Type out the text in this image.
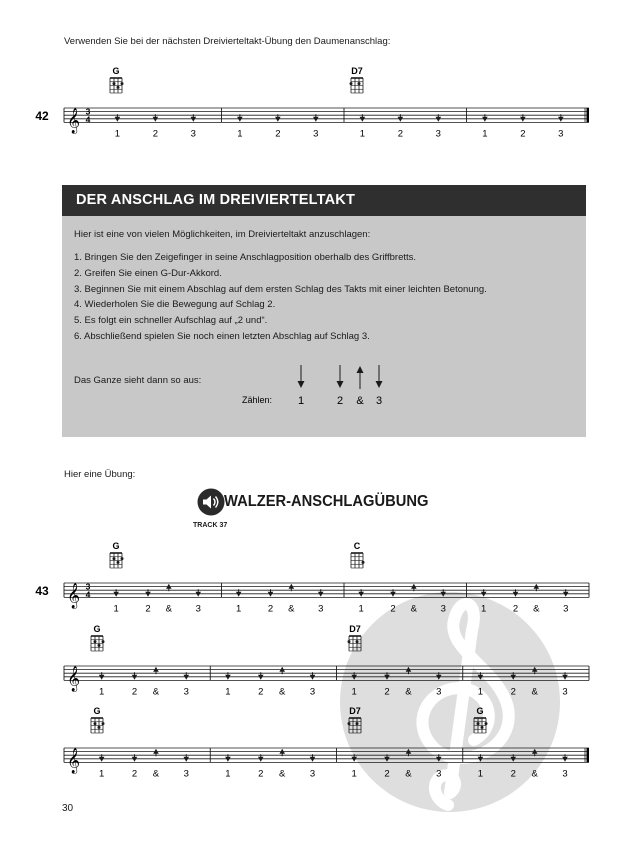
Verwenden Sie bei der nächsten Dreivierteltakt-Übung den Daumenanschlag:
𝄞
42	3
4
1	2	3	1	2	3	1	2	3	1	2	3
G	D7
DER ANSCHLAG IM DREIVIERTELTAKT
Hier ist eine von vielen Möglichkeiten, im Dreivierteltakt anzuschlagen:
1. Bringen Sie den Zeigefinger in seine Anschlagposition oberhalb des Griffbretts.
2. Greifen Sie einen G-Dur-Akkord.
3. Beginnen Sie mit einem Abschlag auf dem ersten Schlag des Takts mit einer leichten Betonung.
4. Wiederholen Sie die Bewegung auf Schlag 2.
5. Es folgt ein schneller Aufschlag auf „2 und“.
6. Abschließend spielen Sie noch einen letzten Abschlag auf Schlag 3.
Das Ganze sieht dann so aus:
Zählen: 1	2 & 3
Hier eine Übung:
TRACK 37
WALZER-ANSCHLAGÜBUNG
𝄞
43	3
4
1	2 & 3	1	2 & 3	1	2 & 3	1	2 & 3
G	C
𝄞
1	2 &	3	1	2 &	3	1	2 &	3	1	2 &	3
G	D7
𝄞
1	2 &	3	1	2 &	3	1	2 &	3	1	2 &	3
G	D7	G
30
